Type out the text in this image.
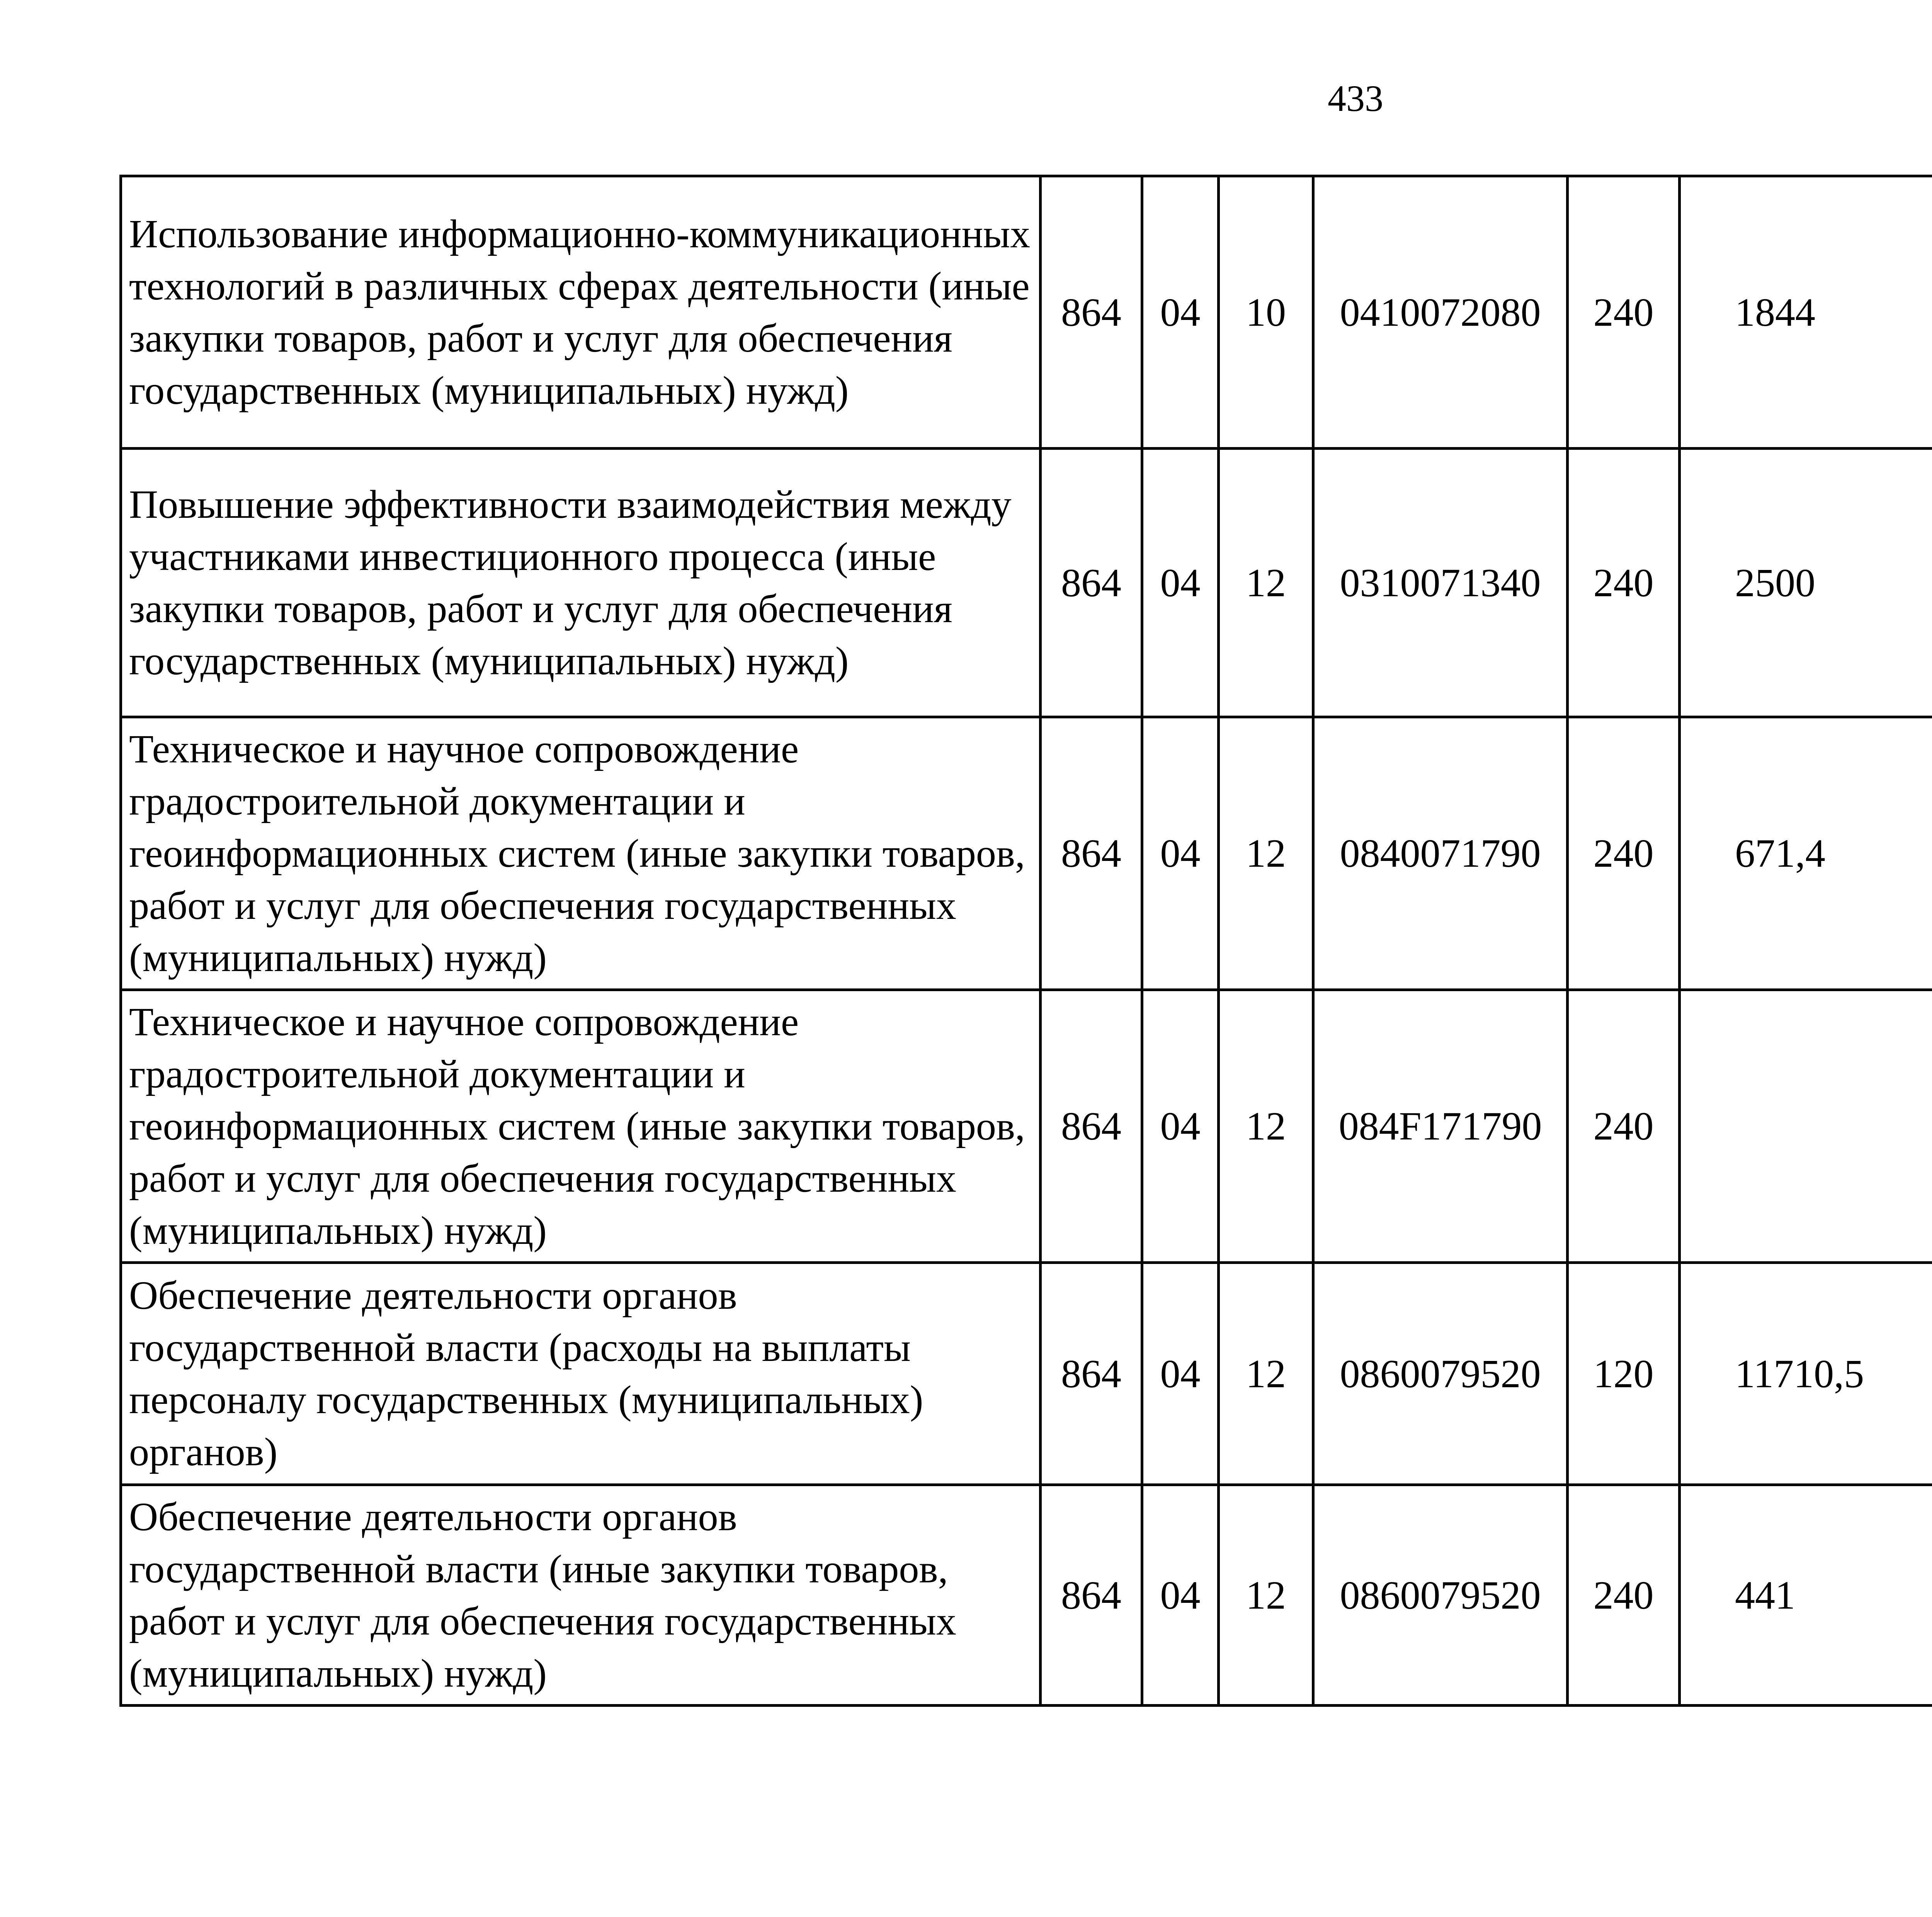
433
Использование информационно-коммуникационных технологий в различных сферах деятельности (иные закупки товаров, работ и услуг для обеспечения государственных (муниципальных) нужд)	864	04	10	0410072080	240	1844		
Повышение эффективности взаимодействия между участниками инвестиционного процесса (иные закупки товаров, работ и услуг для обеспечения государственных (муниципальных) нужд)	864	04	12	0310071340	240	2500		
Техническое и научное сопровождение градостроительной документации и геоинформационных систем (иные закупки товаров, работ и услуг для обеспечения государственных (муниципальных) нужд)	864	04	12	0840071790	240	671,4		
Техническое и научное сопровождение градостроительной документации и геоинформационных систем (иные закупки товаров, работ и услуг для обеспечения государственных (муниципальных) нужд)	864	04	12	084F171790	240			
Обеспечение деятельности органов государственной власти (расходы на выплаты персоналу государственных (муниципальных) органов)	864	04	12	0860079520	120	11710,5		
Обеспечение деятельности органов государственной власти (иные закупки товаров, работ и услуг для обеспечения государственных (муниципальных) нужд)	864	04	12	0860079520	240	441		
